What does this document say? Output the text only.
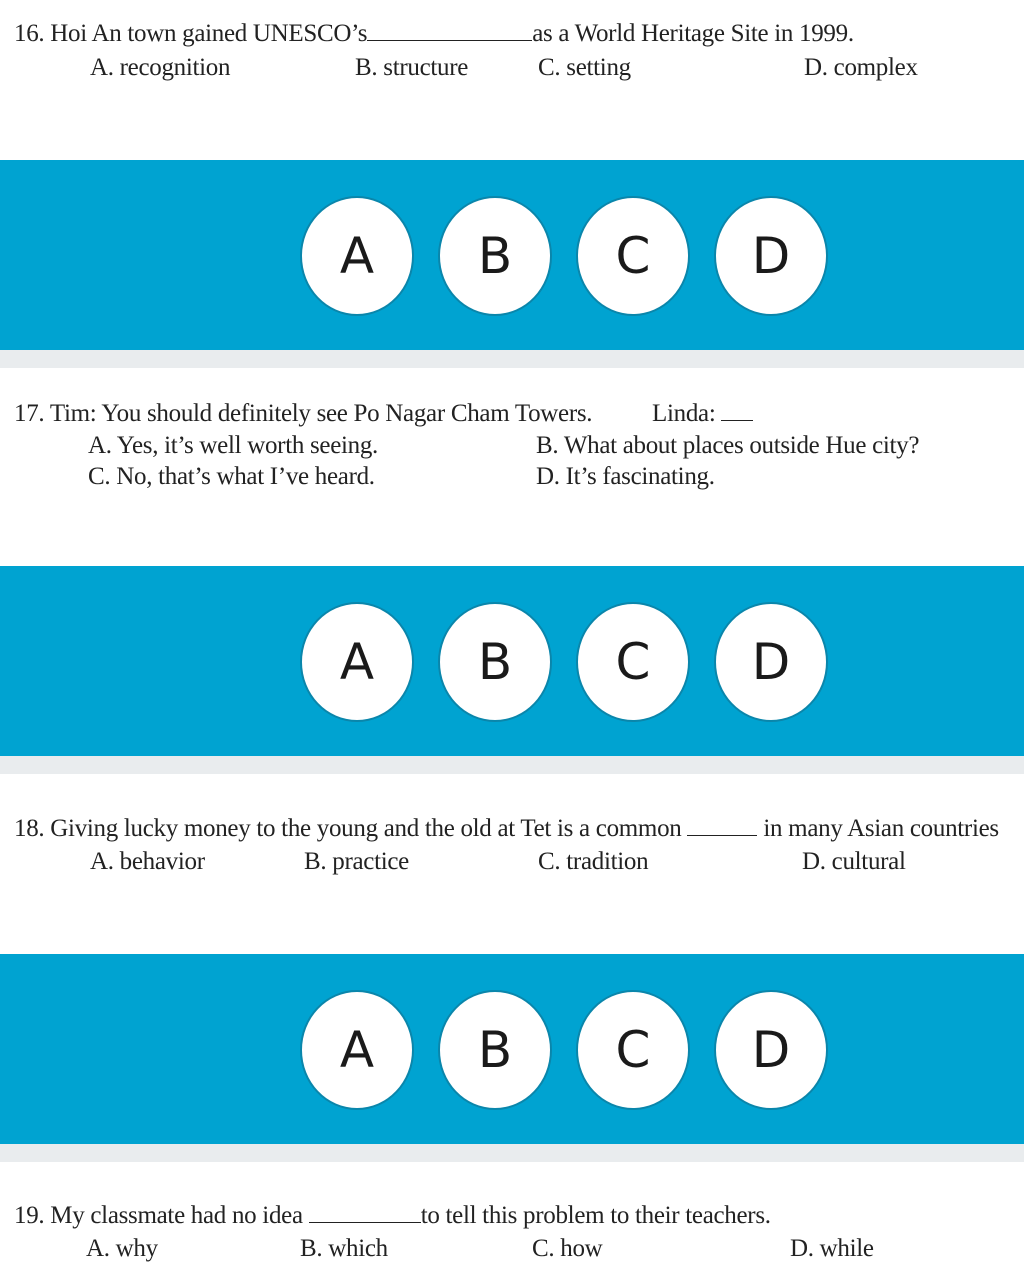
16. Hoi An town gained UNESCO’s	as a World Heritage Site in 1999.
A. recognition	B. structure	C. setting	D. complex
A	B	C	D
17. Tim: You should definitely see Po Nagar Cham Towers. Linda:
A. Yes, it’s well worth seeing.	B. What about places outside Hue city?
C. No, that’s what I’ve heard.	D. It’s fascinating.
A	B	C	D
18. Giving lucky money to the young and the old at Tet is a common	in many Asian countries
A. behavior	B. practice	C. tradition	D. cultural
A	B	C	D
19. My classmate had no idea	to tell this problem to their teachers.
A. why	B. which	C. how	D. while
